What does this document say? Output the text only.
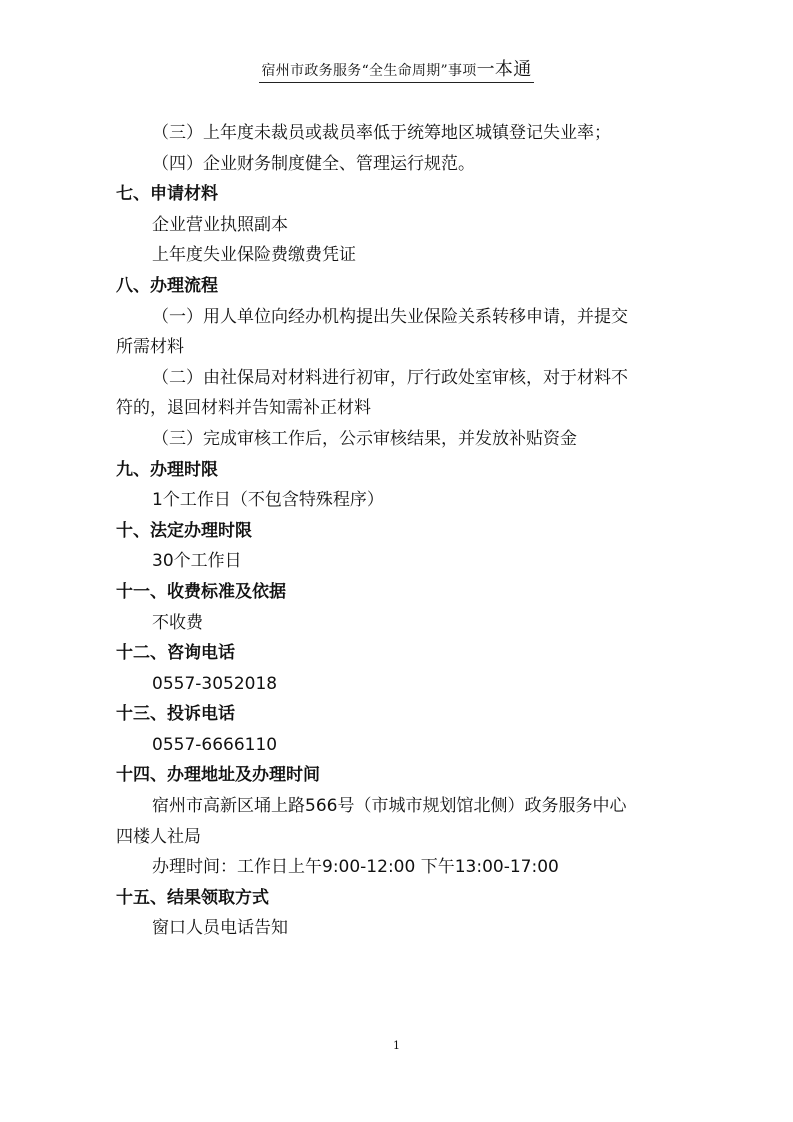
宿州市政务服务“全生命周期”事项一本通
（三）上年度未裁员或裁员率低于统筹地区城镇登记失业率；
（四）企业财务制度健全、管理运行规范。
七、申请材料
企业营业执照副本
上年度失业保险费缴费凭证
八、办理流程
（一）用人单位向经办机构提出失业保险关系转移申请，并提交
所需材料
（二）由社保局对材料进行初审，厅行政处室审核，对于材料不
符的，退回材料并告知需补正材料
（三）完成审核工作后，公示审核结果，并发放补贴资金
九、办理时限
1个工作日（不包含特殊程序）
十、法定办理时限
30个工作日
十一、收费标准及依据
不收费
十二、咨询电话
0557-3052018
十三、投诉电话
0557-6666110
十四、办理地址及办理时间
宿州市高新区埇上路566号（市城市规划馆北侧）政务服务中心
四楼人社局
办理时间：工作日上午9:00-12:00 下午13:00-17:00
十五、结果领取方式
窗口人员电话告知
1
